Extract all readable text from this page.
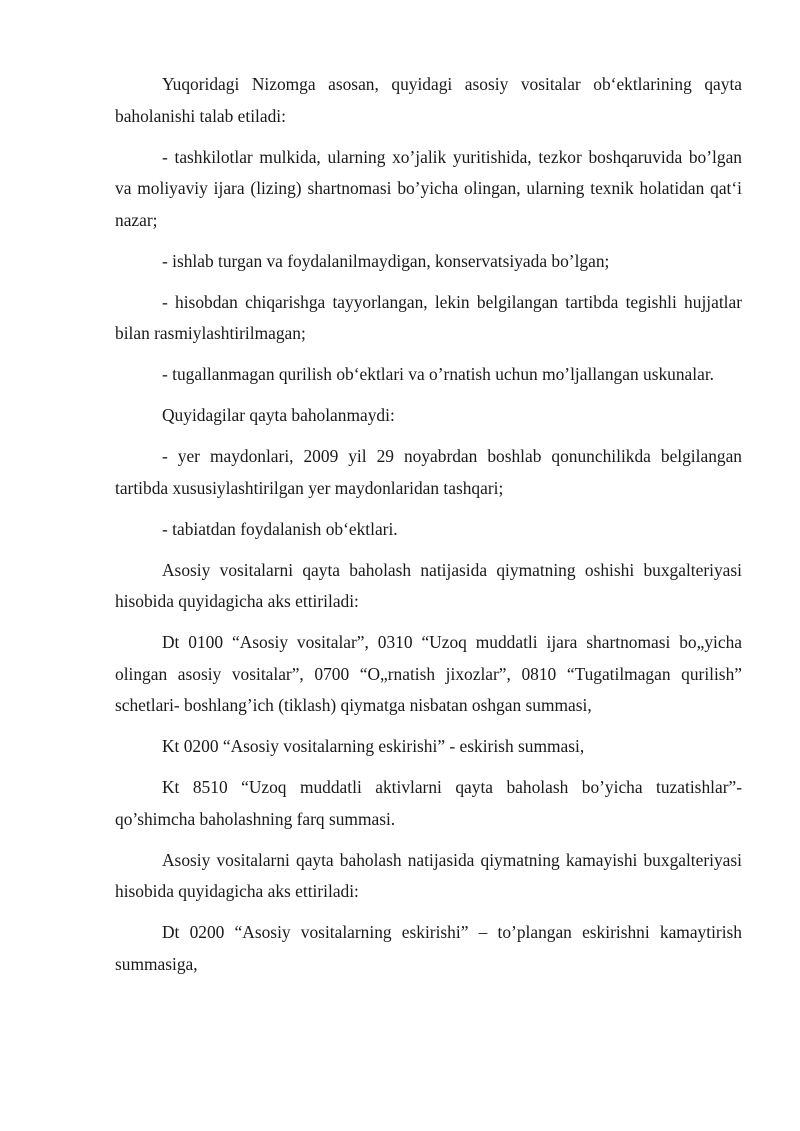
Yuqoridagi Nizomga asosan, quyidagi asosiy vositalar ob‘ektlarining qayta baholanishi talab etiladi:

- tashkilotlar mulkida, ularning xo’jalik yuritishida, tezkor boshqaruvida bo’lgan va moliyaviy ijara (lizing) shartnomasi bo’yicha olingan, ularning texnik holatidan qat‘i nazar;

- ishlab turgan va foydalanilmaydigan, konservatsiyada bo’lgan;

- hisobdan chiqarishga tayyorlangan, lekin belgilangan tartibda tegishli hujjatlar bilan rasmiylashtirilmagan;

- tugallanmagan qurilish ob‘ektlari va o’rnatish uchun mo’ljallangan uskunalar.

Quyidagilar qayta baholanmaydi:

- yer maydonlari, 2009 yil 29 noyabrdan boshlab qonunchilikda belgilangan tartibda xususiylashtirilgan yer maydonlaridan tashqari;

- tabiatdan foydalanish ob‘ektlari.

Asosiy vositalarni qayta baholash natijasida qiymatning oshishi buxgalteriyasi hisobida quyidagicha aks ettiriladi:

Dt 0100 “Asosiy vositalar”, 0310 “Uzoq muddatli ijara shartnomasi bo„yicha olingan asosiy vositalar”, 0700 “O„rnatish jixozlar”, 0810 “Tugatilmagan qurilish” schetlari- boshlang’ich (tiklash) qiymatga nisbatan oshgan summasi,

Kt 0200 “Asosiy vositalarning eskirishi” - eskirish summasi,

Kt 8510 “Uzoq muddatli aktivlarni qayta baholash bo’yicha tuzatishlar”- qo’shimcha baholashning farq summasi.

Asosiy vositalarni qayta baholash natijasida qiymatning kamayishi buxgalteriyasi hisobida quyidagicha aks ettiriladi:

Dt 0200 “Asosiy vositalarning eskirishi” – to’plangan eskirishni kamaytirish summasiga,
